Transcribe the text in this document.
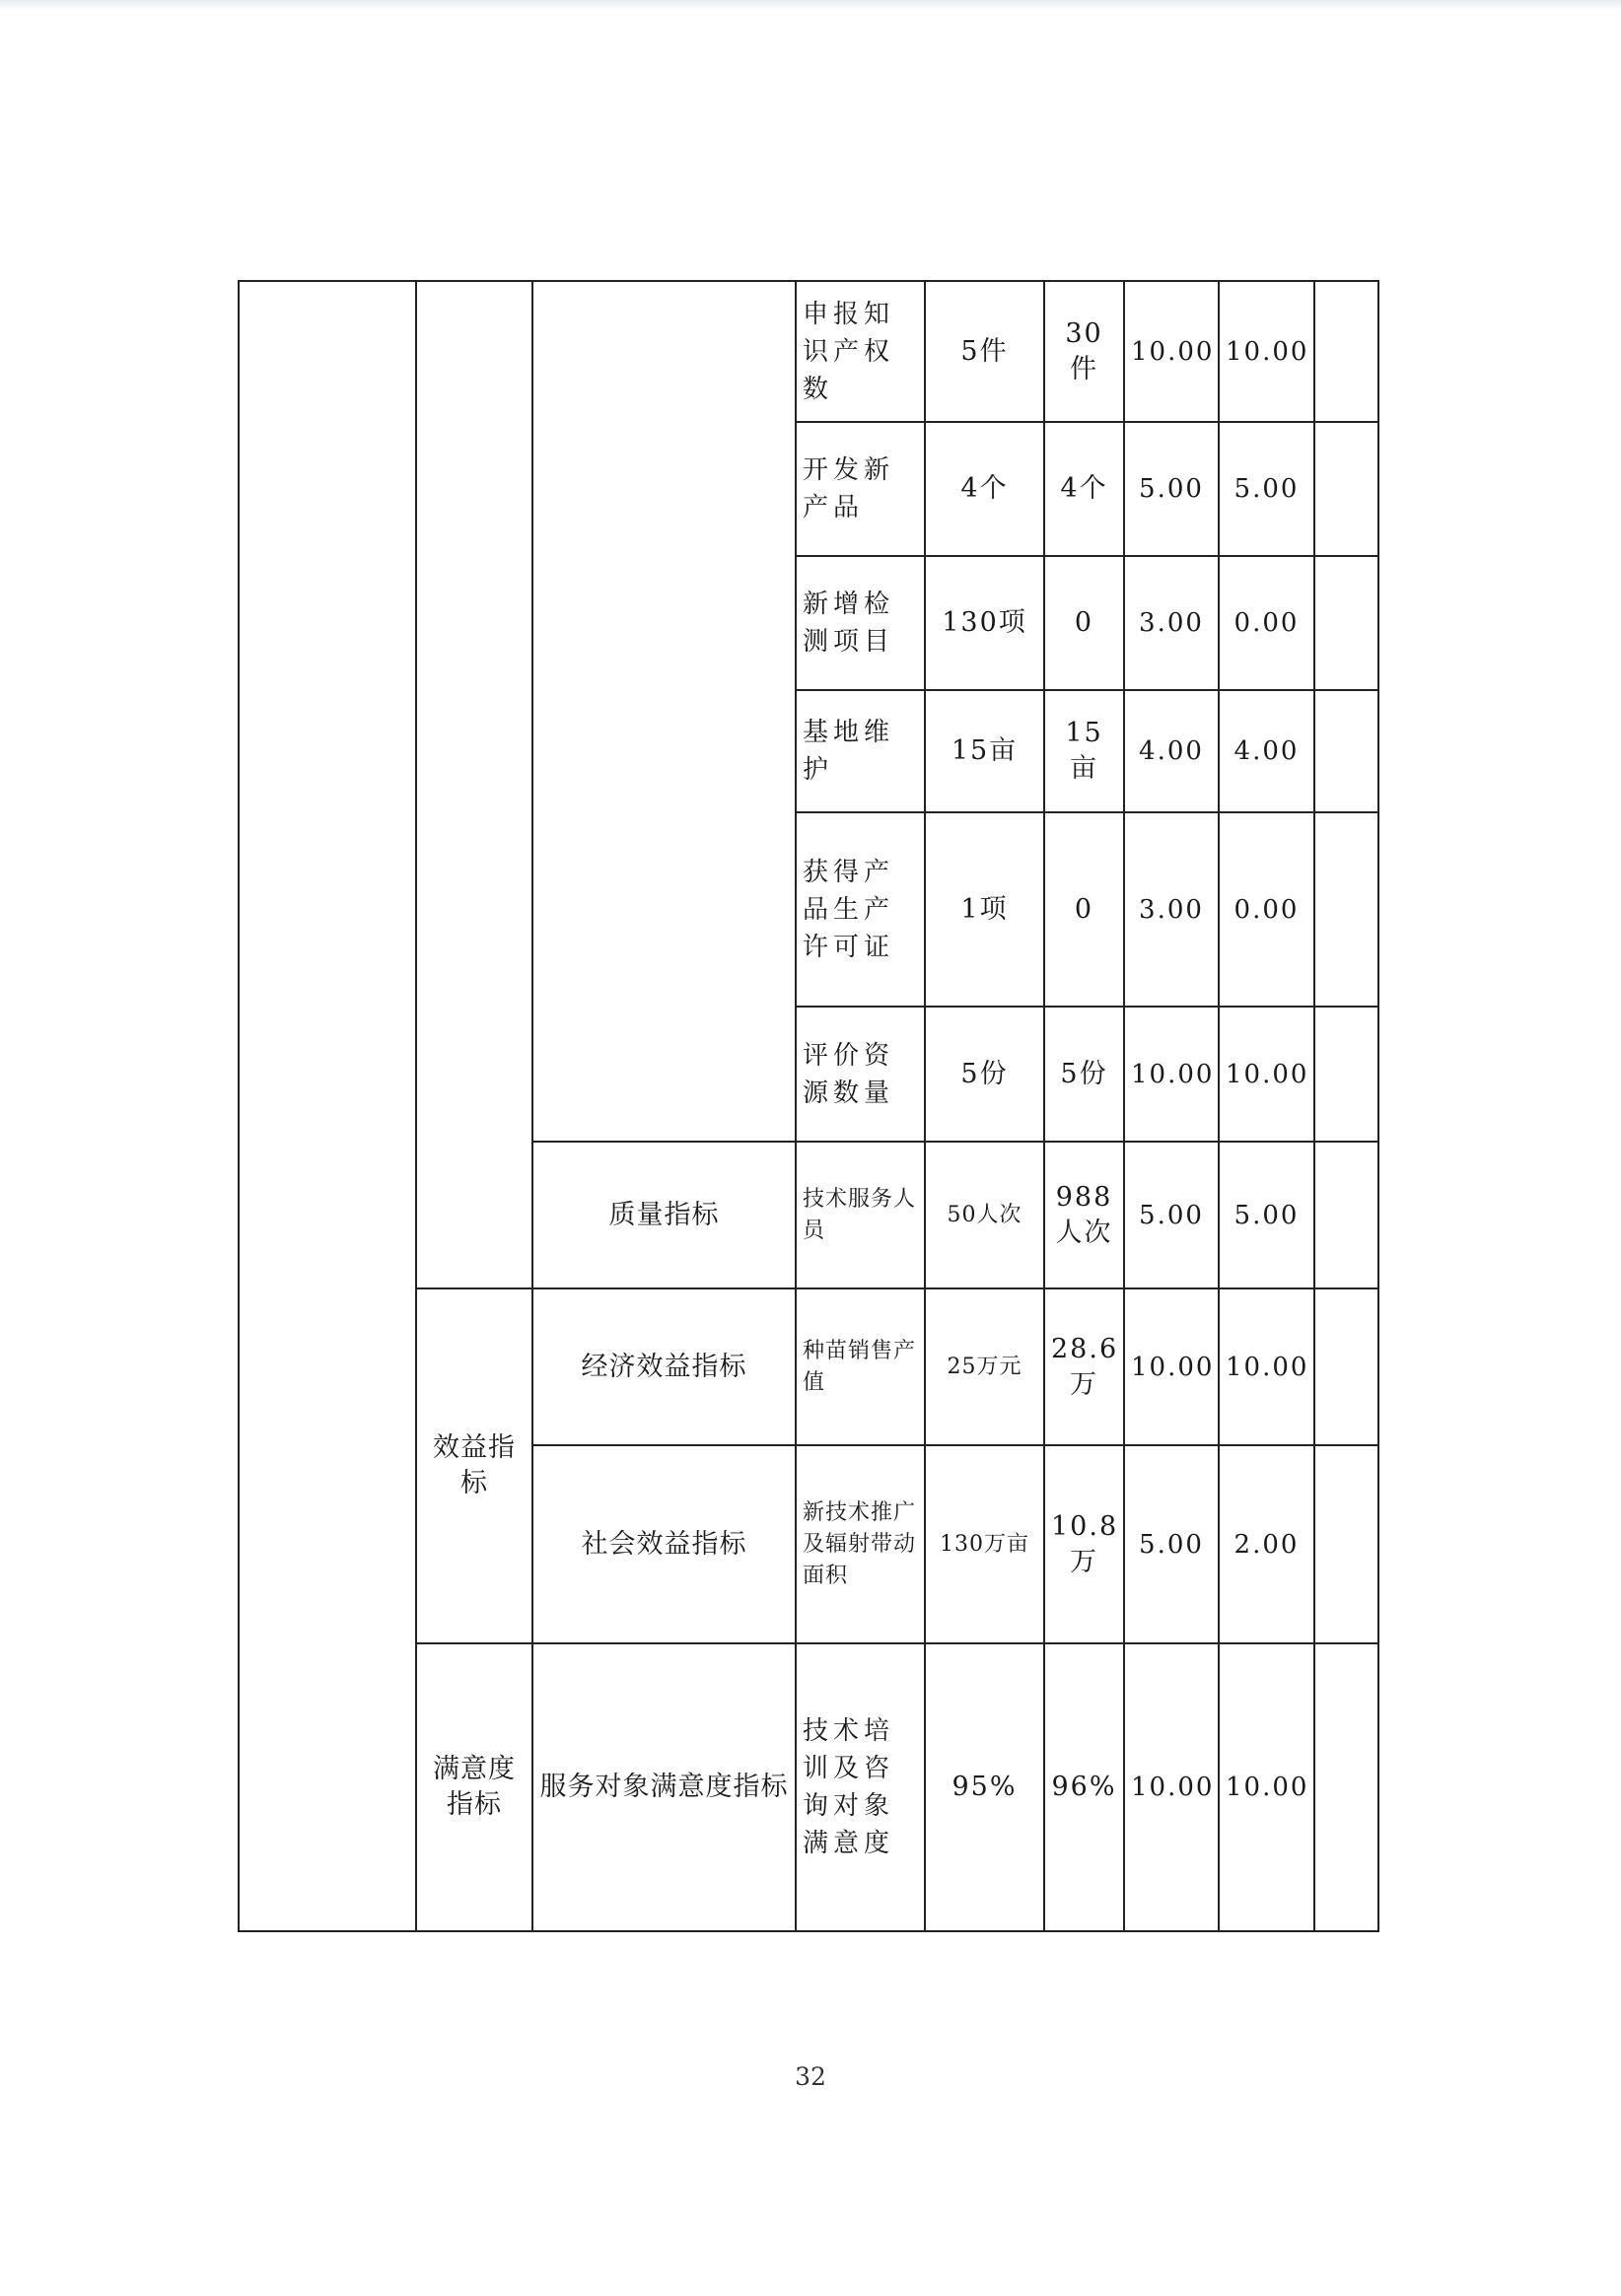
			申报知识产权数	5件	30件	10.00	10.00	
			开发新产品	4个	4个	5.00	5.00	
			新增检测项目	130项	0	3.00	0.00	
			基地维护	15亩	15亩	4.00	4.00	
			获得产品生产许可证	1项	0	3.00	0.00	
			评价资源数量	5份	5份	10.00	10.00	
		质量指标	技术服务人员	50人次	988人次	5.00	5.00	
	效益指标	经济效益指标	种苗销售产值	25万元	28.6万	10.00	10.00	
		社会效益指标	新技术推广及辐射带动面积	130万亩	10.8万	5.00	2.00	
	满意度指标	服务对象满意度指标	技术培训及咨询对象满意度	95%	96%	10.00	10.00	
32
